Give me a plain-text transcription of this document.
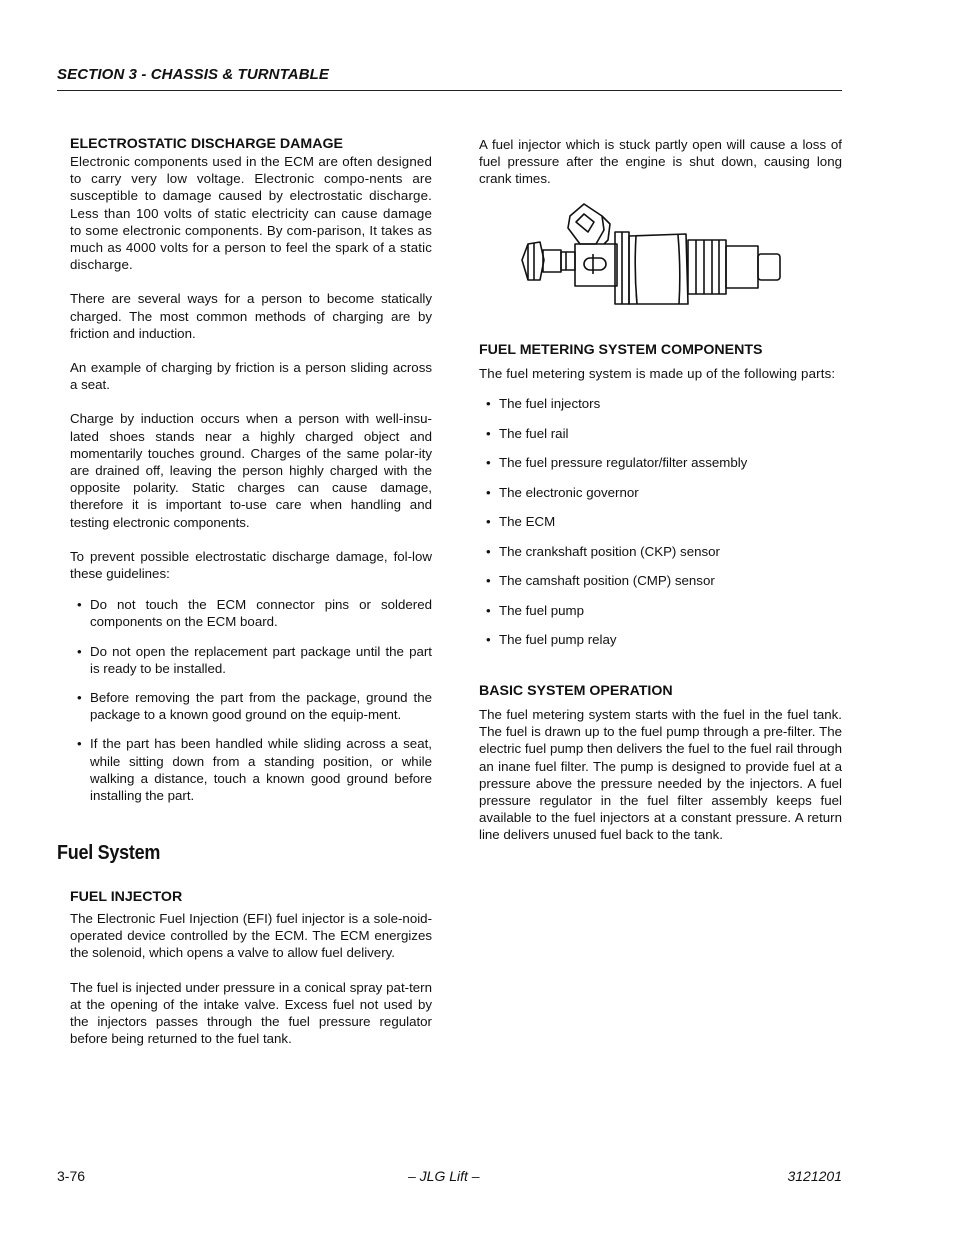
SECTION 3 - CHASSIS & TURNTABLE
ELECTROSTATIC DISCHARGE DAMAGE

Electronic components used in the ECM are often designed to carry very low voltage. Electronic compo-nents are susceptible to damage caused by electrostatic discharge. Less than 100 volts of static electricity can cause damage to some electronic components. By com-parison, It takes as much as 4000 volts for a person to feel the spark of a static discharge.

There are several ways for a person to become statically charged. The most common methods of charging are by friction and induction.

An example of charging by friction is a person sliding across a seat.

Charge by induction occurs when a person with well-insu-lated shoes stands near a highly charged object and momentarily touches ground. Charges of the same polar-ity are drained off, leaving the person highly charged with the opposite polarity. Static charges can cause damage, therefore it is important to-use care when handling and testing electronic components.

To prevent possible electrostatic discharge damage, fol-low these guidelines:

• Do not touch the ECM connector pins or soldered components on the ECM board.
• Do not open the replacement part package until the part is ready to be installed.
• Before removing the part from the package, ground the package to a known good ground on the equip-ment.
• If the part has been handled while sliding across a seat, while sitting down from a standing position, or while walking a distance, touch a known good ground before installing the part.
Fuel System
FUEL INJECTOR

The Electronic Fuel Injection (EFI) fuel injector is a sole-noid-operated device controlled by the ECM. The ECM energizes the solenoid, which opens a valve to allow fuel delivery.

The fuel is injected under pressure in a conical spray pat-tern at the opening of the intake valve. Excess fuel not used by the injectors passes through the fuel pressure regulator before being returned to the fuel tank.

A fuel injector which is stuck partly open will cause a loss of fuel pressure after the engine is shut down, causing long crank times.

FUEL METERING SYSTEM COMPONENTS

The fuel metering system is made up of the following parts:

• The fuel injectors
• The fuel rail
• The fuel pressure regulator/filter assembly
• The electronic governor
• The ECM
• The crankshaft position (CKP) sensor
• The camshaft position (CMP) sensor
• The fuel pump
• The fuel pump relay
BASIC SYSTEM OPERATION

The fuel metering system starts with the fuel in the fuel tank. The fuel is drawn up to the fuel pump through a pre-filter. The electric fuel pump then delivers the fuel to the fuel rail through an inane fuel filter. The pump is designed to provide fuel at a pressure above the pressure needed by the injectors. A fuel pressure regulator in the fuel filter assembly keeps fuel available to the fuel injectors at a constant pressure. A return line delivers unused fuel back to the tank.

3-76	– JLG Lift –	3121201
